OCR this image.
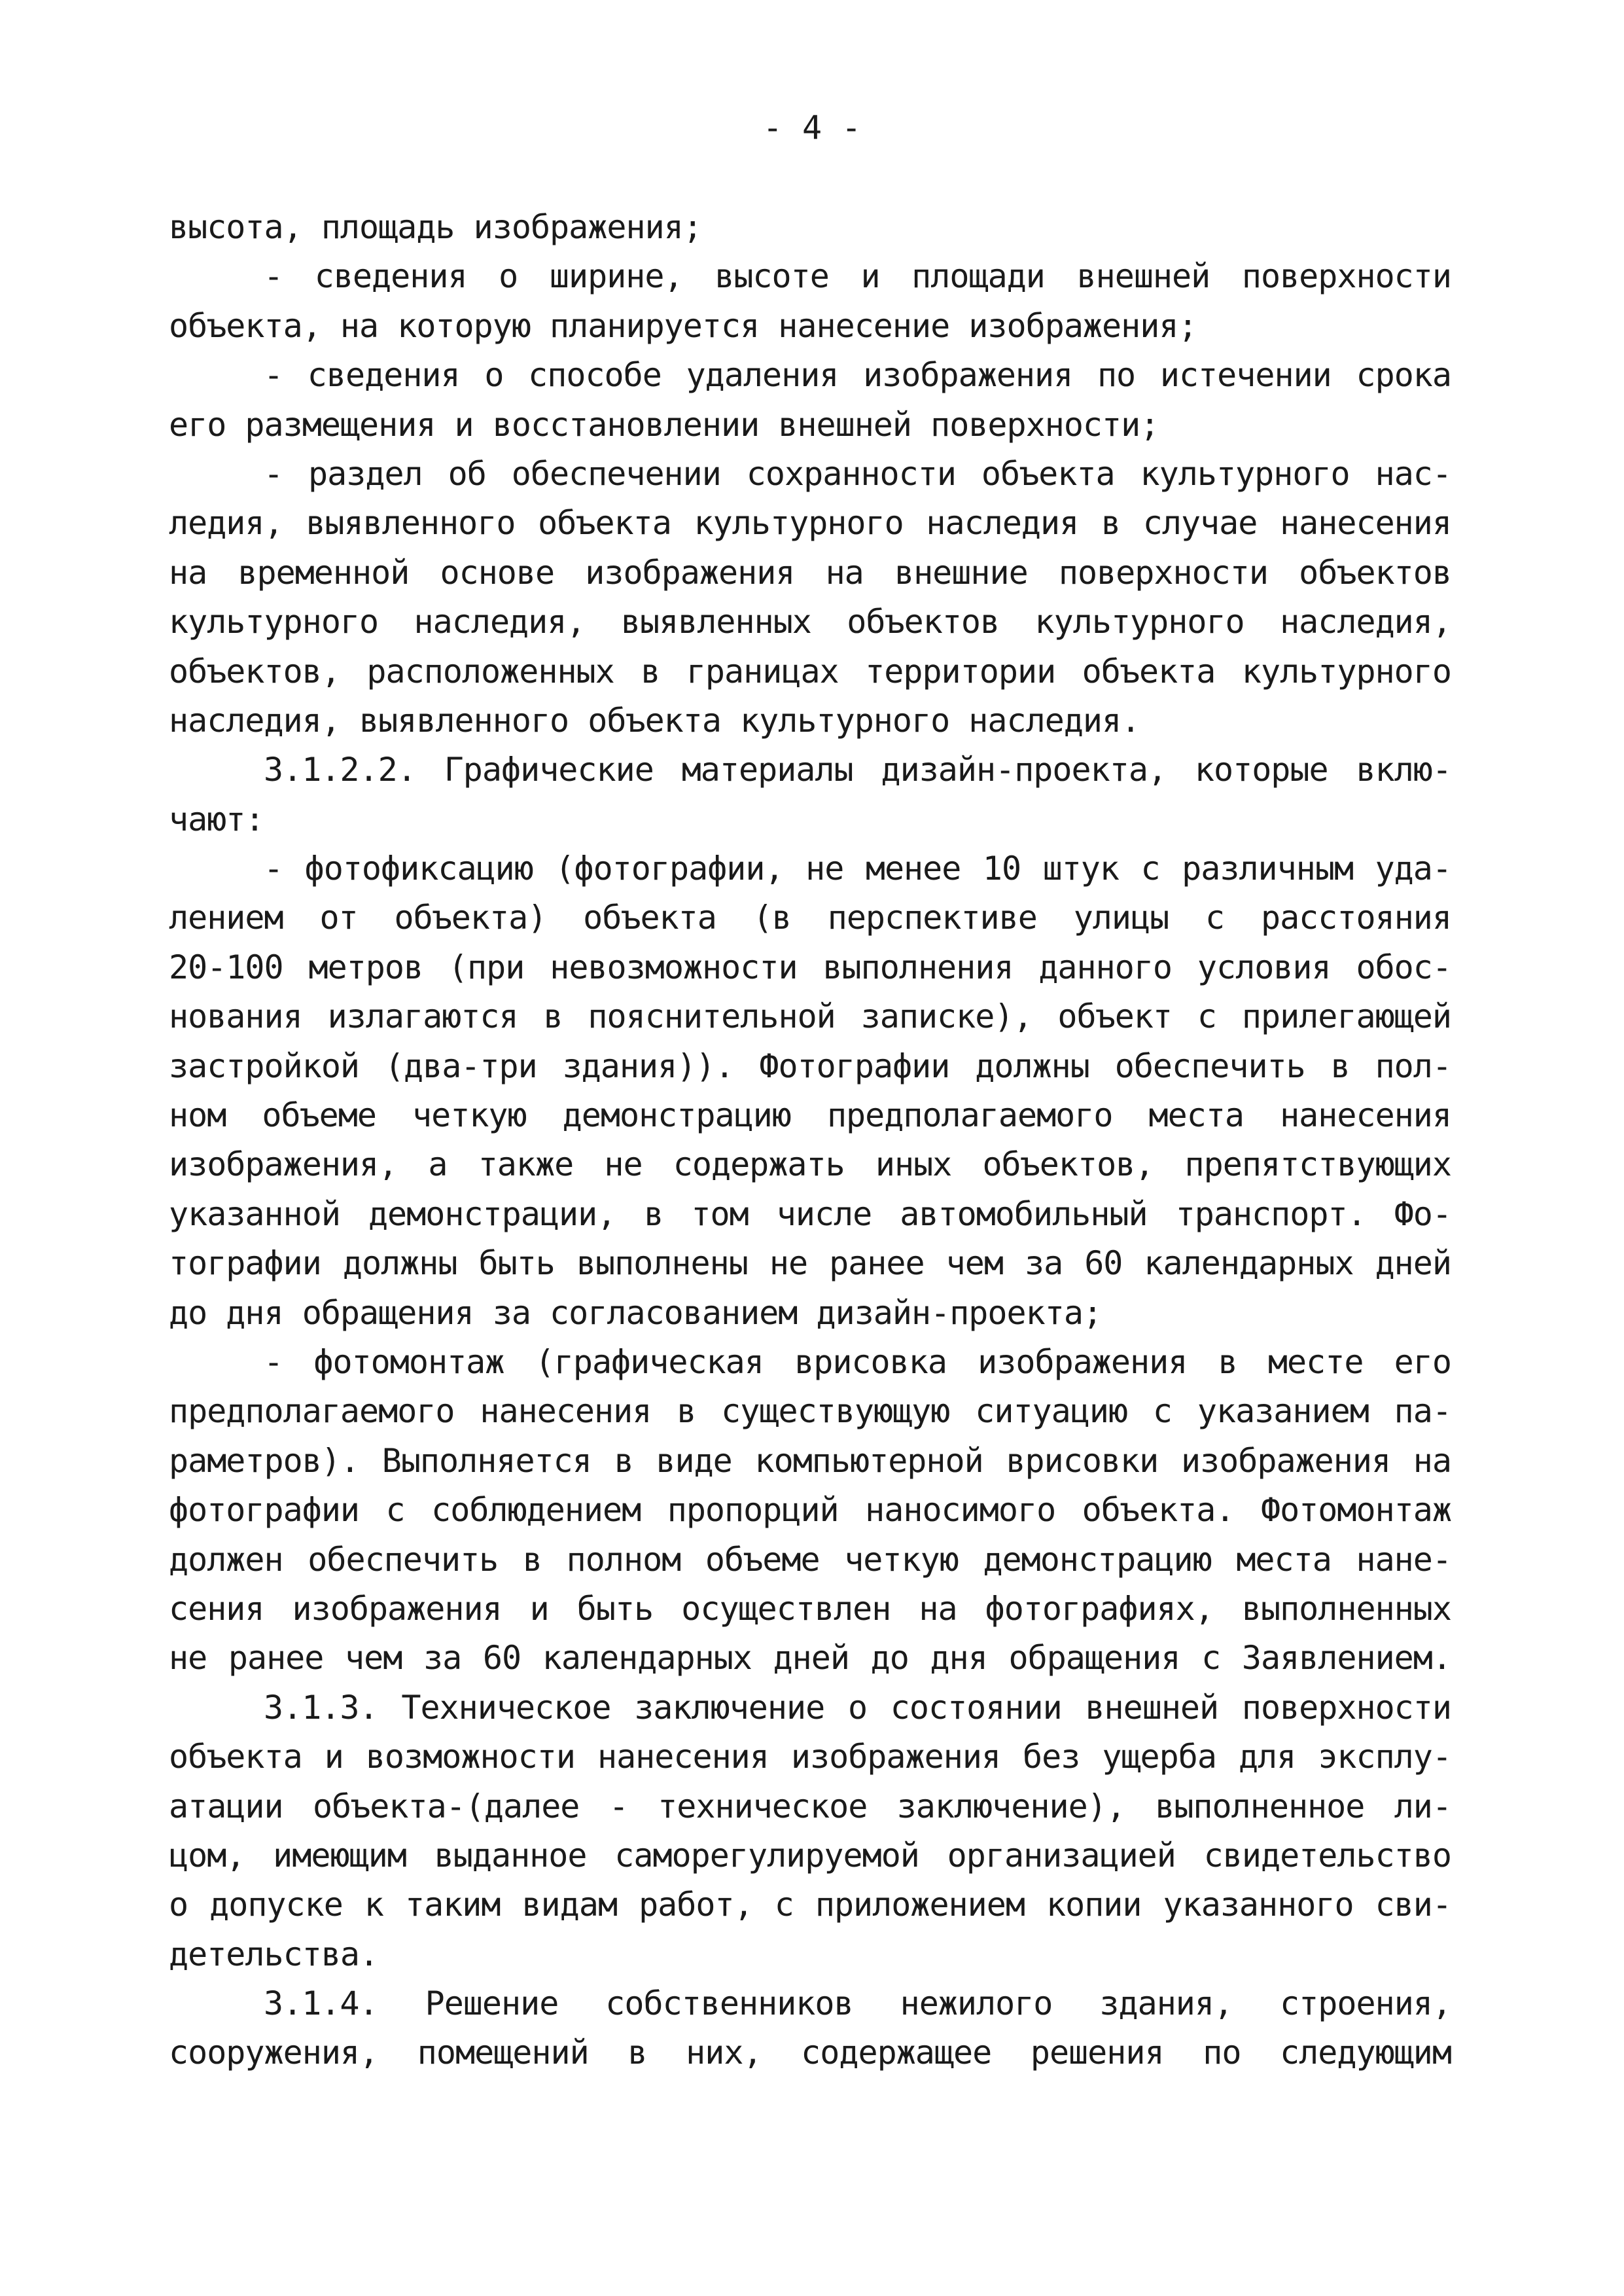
- 4 -
высота, площадь изображения;
- сведения о ширине, высоте и площади внешней поверхности
объекта, на которую планируется нанесение изображения;
- сведения о способе удаления изображения по истечении срока
его размещения и восстановлении внешней поверхности;
- раздел об обеспечении сохранности объекта культурного нас-
ледия, выявленного объекта культурного наследия в случае нанесения
на временной основе изображения на внешние поверхности объектов
культурного наследия, выявленных объектов культурного наследия,
объектов, расположенных в границах территории объекта культурного
наследия, выявленного объекта культурного наследия.
3.1.2.2. Графические материалы дизайн-проекта, которые вклю-
чают:
- фотофиксацию (фотографии, не менее 10 штук с различным уда-
лением от объекта) объекта (в перспективе улицы с расстояния
20-100 метров (при невозможности выполнения данного условия обос-
нования излагаются в пояснительной записке), объект с прилегающей
застройкой (два-три здания)). Фотографии должны обеспечить в пол-
ном объеме четкую демонстрацию предполагаемого места нанесения
изображения, а также не содержать иных объектов, препятствующих
указанной демонстрации, в том числе автомобильный транспорт. Фо-
тографии должны быть выполнены не ранее чем за 60 календарных дней
до дня обращения за согласованием дизайн-проекта;
- фотомонтаж (графическая врисовка изображения в месте его
предполагаемого нанесения в существующую ситуацию с указанием па-
раметров). Выполняется в виде компьютерной врисовки изображения на
фотографии с соблюдением пропорций наносимого объекта. Фотомонтаж
должен обеспечить в полном объеме четкую демонстрацию места нане-
сения изображения и быть осуществлен на фотографиях, выполненных
не ранее чем за 60 календарных дней до дня обращения с Заявлением.
3.1.3. Техническое заключение о состоянии внешней поверхности
объекта и возможности нанесения изображения без ущерба для эксплу-
атации объекта-(далее - техническое заключение), выполненное ли-
цом, имеющим выданное саморегулируемой организацией свидетельство
о допуске к таким видам работ, с приложением копии указанного сви-
детельства.
3.1.4. Решение собственников нежилого здания, строения,
сооружения, помещений в них, содержащее решения по следующим
